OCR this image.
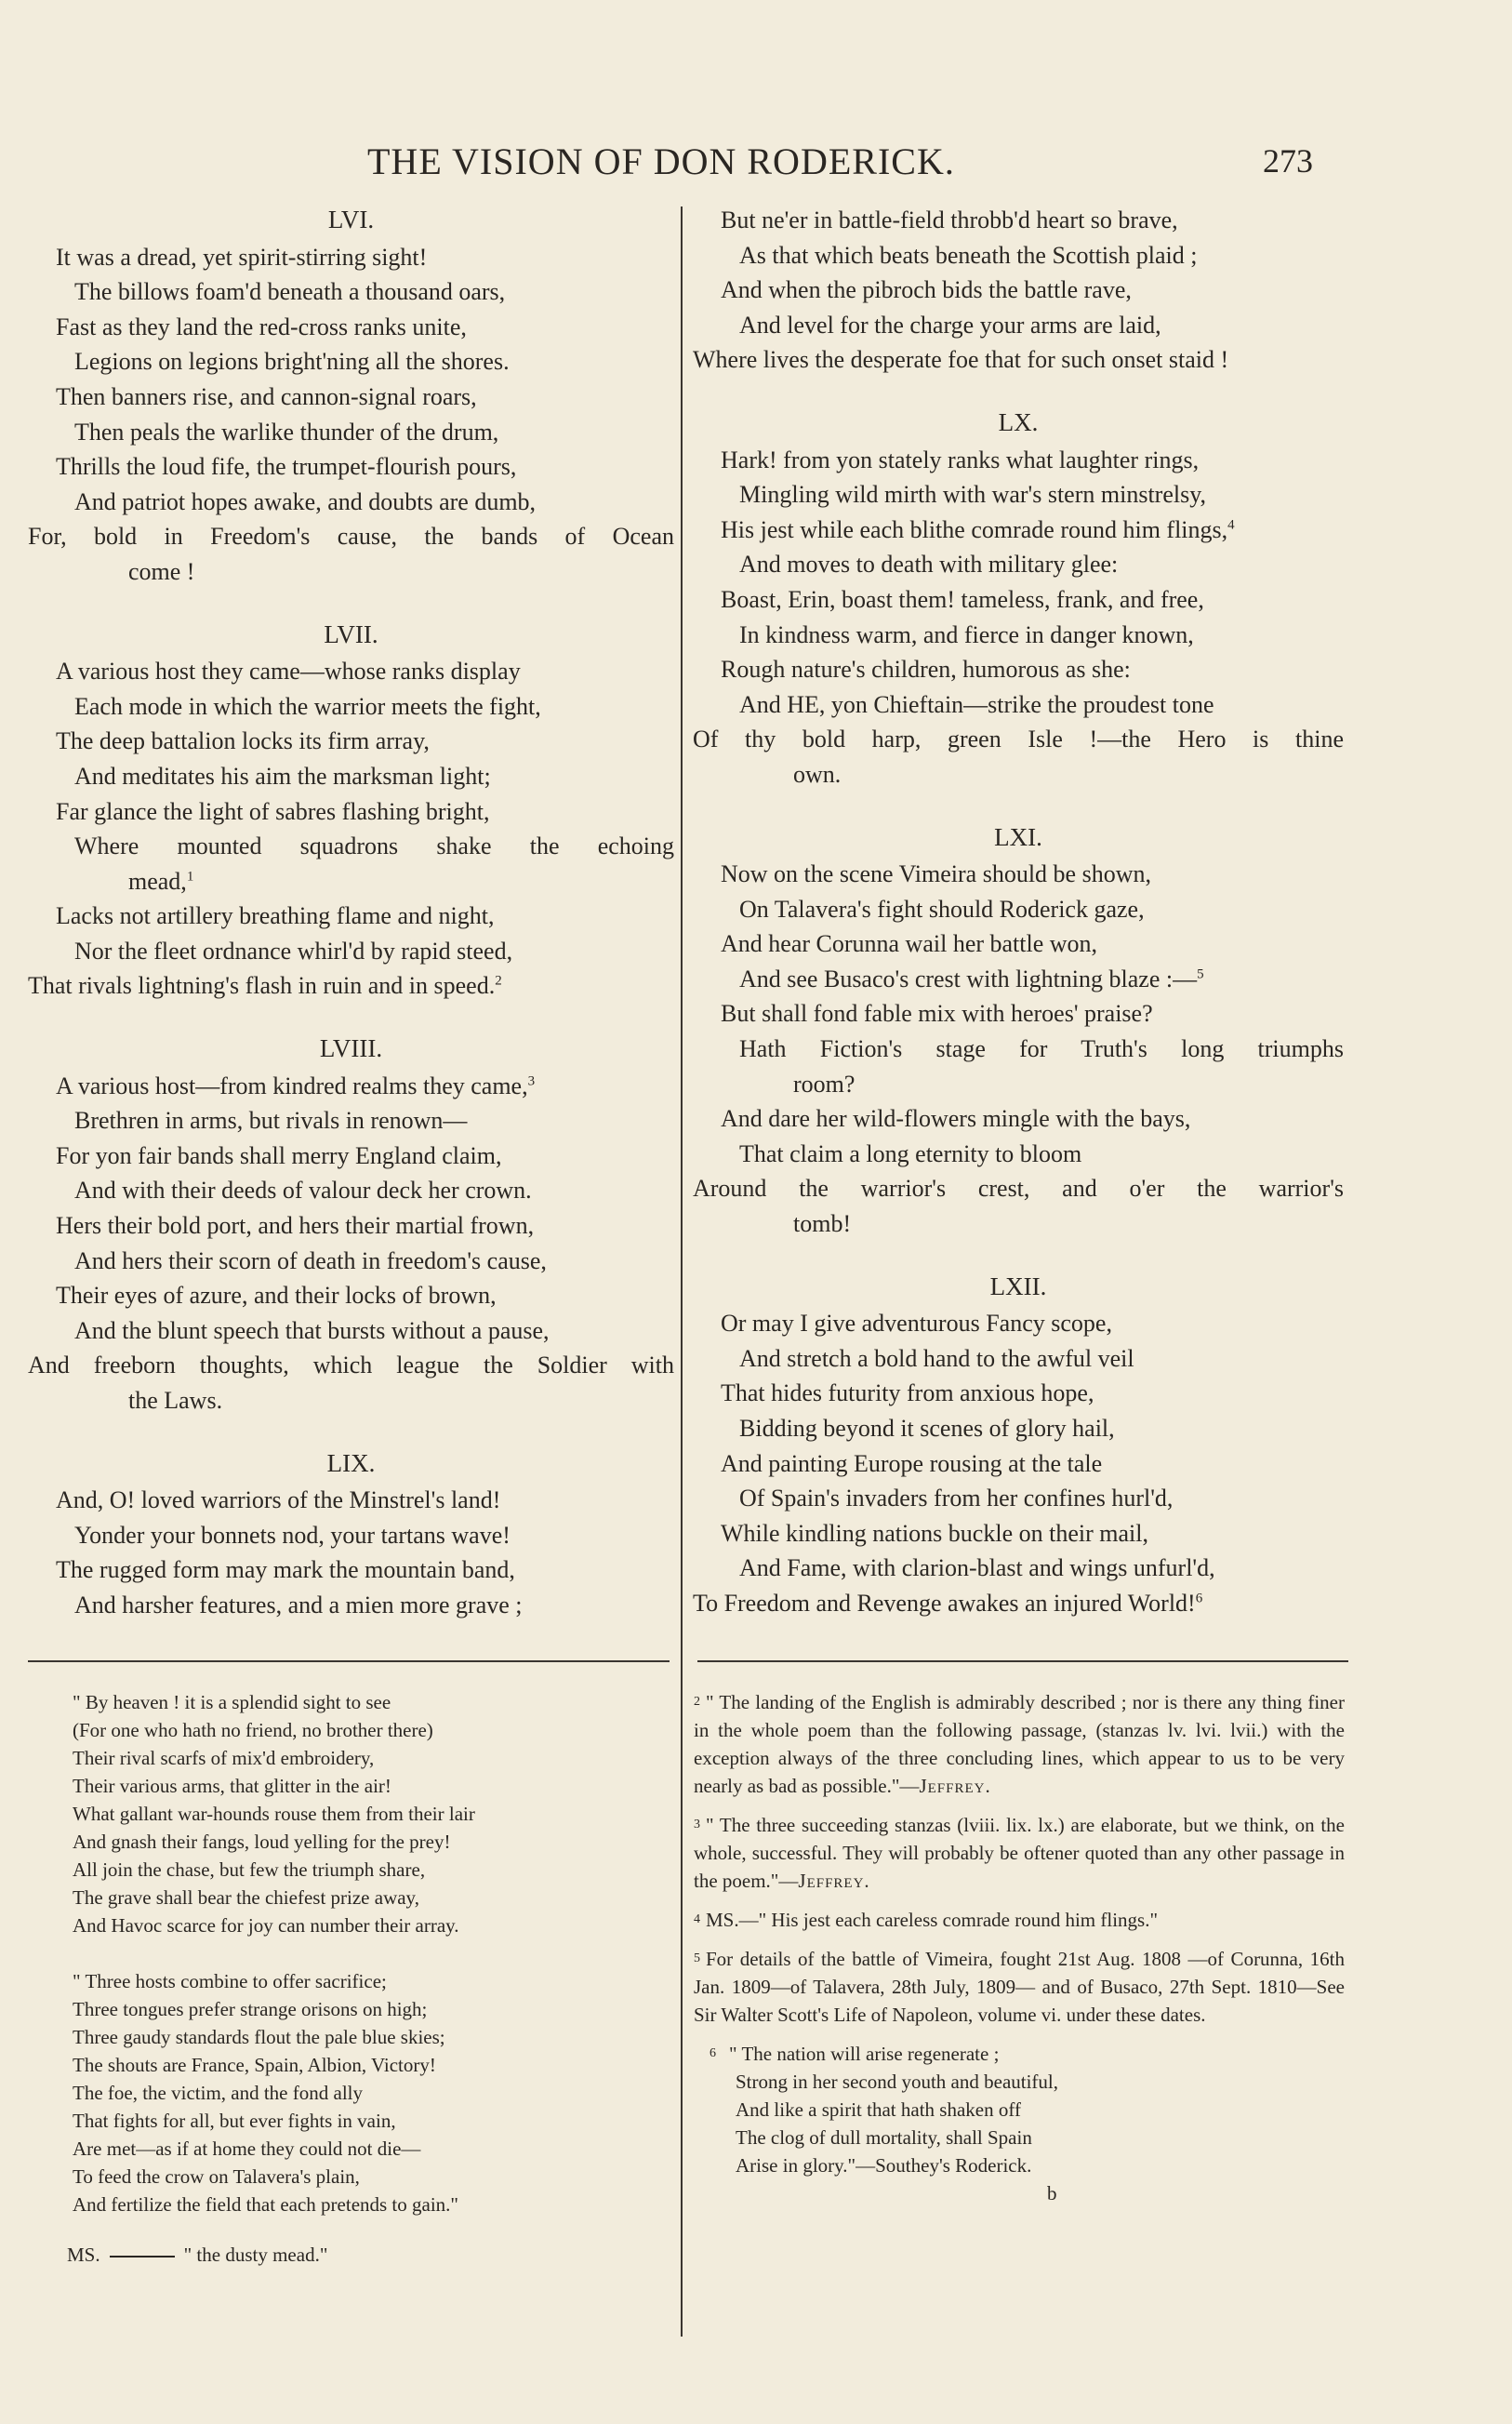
THE VISION OF DON RODERICK.	273
LVI.
It was a dread, yet spirit-stirring sight!
The billows foam'd beneath a thousand oars,
Fast as they land the red-cross ranks unite,
Legions on legions bright'ning all the shores.
Then banners rise, and cannon-signal roars,
Then peals the warlike thunder of the drum,
Thrills the loud fife, the trumpet-flourish pours,
And patriot hopes awake, and doubts are dumb,
For, bold in Freedom's cause, the bands of Ocean
come !
LVII.
A various host they came—whose ranks display
Each mode in which the warrior meets the fight,
The deep battalion locks its firm array,
And meditates his aim the marksman light;
Far glance the light of sabres flashing bright,
Where mounted squadrons shake the echoing
mead,$^1$
Lacks not artillery breathing flame and night,
Nor the fleet ordnance whirl'd by rapid steed,
That rivals lightning's flash in ruin and in speed.$^2$
LVIII.
A various host—from kindred realms they came,$^3$
Brethren in arms, but rivals in renown—
For yon fair bands shall merry England claim,
And with their deeds of valour deck her crown.
Hers their bold port, and hers their martial frown,
And hers their scorn of death in freedom's cause,
Their eyes of azure, and their locks of brown,
And the blunt speech that bursts without a pause,
And freeborn thoughts, which league the Soldier with
the Laws.
LIX.
And, O! loved warriors of the Minstrel's land!
Yonder your bonnets nod, your tartans wave!
The rugged form may mark the mountain band,
And harsher features, and a mien more grave ;
But ne'er in battle-field throbb'd heart so brave,
As that which beats beneath the Scottish plaid ;
And when the pibroch bids the battle rave,
And level for the charge your arms are laid,
Where lives the desperate foe that for such onset staid !
LX.
Hark! from yon stately ranks what laughter rings,
Mingling wild mirth with war's stern minstrelsy,
His jest while each blithe comrade round him flings,$^4$
And moves to death with military glee:
Boast, Erin, boast them! tameless, frank, and free,
In kindness warm, and fierce in danger known,
Rough nature's children, humorous as she:
And HE, yon Chieftain—strike the proudest tone
Of thy bold harp, green Isle !—the Hero is thine
own.
LXI.
Now on the scene Vimeira should be shown,
On Talavera's fight should Roderick gaze,
And hear Corunna wail her battle won,
And see Busaco's crest with lightning blaze :—$^5$
But shall fond fable mix with heroes' praise?
Hath Fiction's stage for Truth's long triumphs
room?
And dare her wild-flowers mingle with the bays,
That claim a long eternity to bloom
Around the warrior's crest, and o'er the warrior's
tomb!
LXII.
Or may I give adventurous Fancy scope,
And stretch a bold hand to the awful veil
That hides futurity from anxious hope,
Bidding beyond it scenes of glory hail,
And painting Europe rousing at the tale
Of Spain's invaders from her confines hurl'd,
While kindling nations buckle on their mail,
And Fame, with clarion-blast and wings unfurl'd,
To Freedom and Revenge awakes an injured World!$^6$
" By heaven ! it is a splendid sight to see
(For one who hath no friend, no brother there)
Their rival scarfs of mix'd embroidery,
Their various arms, that glitter in the air!
What gallant war-hounds rouse them from their lair
And gnash their fangs, loud yelling for the prey!
All join the chase, but few the triumph share,
The grave shall bear the chiefest prize away,
And Havoc scarce for joy can number their array.
" Three hosts combine to offer sacrifice;
Three tongues prefer strange orisons on high;
Three gaudy standards flout the pale blue skies;
The shouts are France, Spain, Albion, Victory!
The foe, the victim, and the fond ally
That fights for all, but ever fights in vain,
Are met—as if at home they could not die—
To feed the crow on Talavera's plain,
And fertilize the field that each pretends to gain."
MS.	" the dusty mead."
2 " The landing of the English is admirably described ; nor is there any thing finer in the whole poem than the following passage, (stanzas lv. lvi. lvii.) with the exception always of the three concluding lines, which appear to us to be very nearly as bad as possible."—Jeffrey.
3 " The three succeeding stanzas (lviii. lix. lx.) are elaborate, but we think, on the whole, successful. They will probably be oftener quoted than any other passage in the poem."—Jeffrey.
4 MS.—" His jest each careless comrade round him flings."
5 For details of the battle of Vimeira, fought 21st Aug. 1808 —of Corunna, 16th Jan. 1809—of Talavera, 28th July, 1809— and of Busaco, 27th Sept. 1810—See Sir Walter Scott's Life of Napoleon, volume vi. under these dates.
6 " The nation will arise regenerate ;
Strong in her second youth and beautiful,
And like a spirit that hath shaken off
The clog of dull mortality, shall Spain
Arise in glory."—Southey's Roderick.
b
